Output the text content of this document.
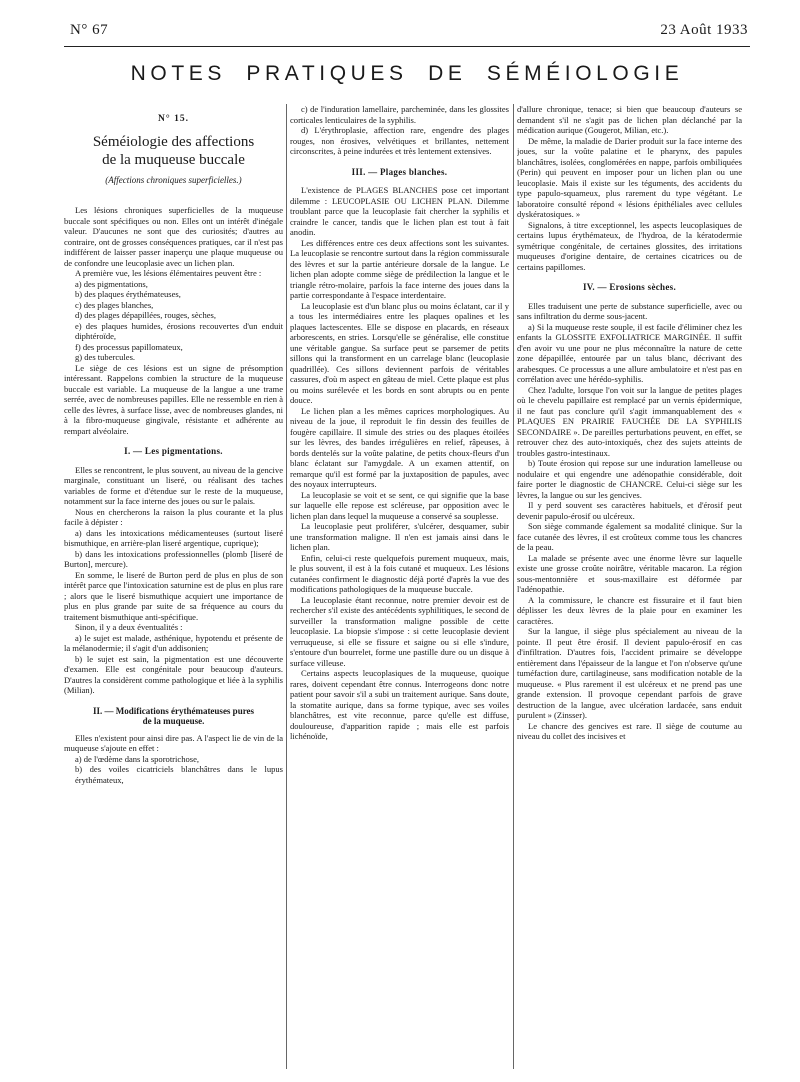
N° 67	23 Août 1933
NOTES PRATIQUES DE SÉMÉIOLOGIE
N° 15.
Séméiologie des affections
de la muqueuse buccale
(Affections chroniques superficielles.)

Les lésions chroniques superficielles de la muqueuse buccale sont spécifiques ou non. Elles ont un intérêt d'inégale valeur. D'aucunes ne sont que des curiosités; d'autres au contraire, ont de grosses conséquences pratiques, car il n'est pas indifférent de laisser passer inaperçu une plaque muqueuse ou de confondre une leucoplasie avec un lichen plan.

A première vue, les lésions élémentaires peuvent être :

a) des pigmentations,

b) des plaques érythémateuses,

c) des plages blanches,

d) des plages dépapillées, rouges, sèches,

e) des plaques humides, érosions recouvertes d'un enduit diphtéroïde,

f) des processus papillomateux,

g) des tubercules.

Le siège de ces lésions est un signe de présomption intéressant. Rappelons combien la structure de la muqueuse buccale est variable. La muqueuse de la langue a une trame serrée, avec de nombreuses papilles. Elle ne ressemble en rien à celle des lèvres, à surface lisse, avec de nombreuses glandes, ni à la fibro-muqueuse gingivale, résistante et adhérente au rempart alvéolaire.

I. — Les pigmentations.

Elles se rencontrent, le plus souvent, au niveau de la gencive marginale, constituant un liseré, ou réalisant des taches variables de forme et d'étendue sur le reste de la muqueuse, notamment sur la face interne des joues ou sur le palais.

Nous en chercherons la raison la plus courante et la plus facile à dépister :

a) dans les intoxications médicamenteuses (surtout liseré bismuthique, en arrière-plan liseré argentique, cuprique);

b) dans les intoxications professionnelles (plomb [liseré de Burton], mercure).

En somme, le liseré de Burton perd de plus en plus de son intérêt parce que l'intoxication saturnine est de plus en plus rare ; alors que le liseré bismuthique acquiert une importance de plus en plus grande par suite de sa fréquence au cours du traitement bismuthique anti-spécifique.

Sinon, il y a deux éventualités :

a) le sujet est malade, asthénique, hypotendu et présente de la mélanodermie; il s'agit d'un addisonien;

b) le sujet est sain, la pigmentation est une découverte d'examen. Elle est congénitale pour beaucoup d'auteurs. D'autres la considèrent comme pathologique et liée à la syphilis (Milian).

II. — Modifications érythémateuses pures
de la muqueuse.

Elles n'existent pour ainsi dire pas. A l'aspect lie de vin de la muqueuse s'ajoute en effet :

a) de l'œdème dans la sporotrichose,

b) des voiles cicatriciels blanchâtres dans le lupus érythémateux,

c) de l'induration lamellaire, parcheminée, dans les glossites corticales lenticulaires de la syphilis.

d) L'érythroplasie, affection rare, engendre des plages rouges, non érosives, velvétiques et brillantes, nettement circonscrites, à peine indurées et très lentement extensives.

III. — Plages blanches.

L'existence de PLAGES BLANCHES pose cet important dilemme : LEUCOPLASIE OU LICHEN PLAN. Dilemme troublant parce que la leucoplasie fait chercher la syphilis et craindre le cancer, tandis que le lichen plan est tout à fait anodin.

Les différences entre ces deux affections sont les suivantes. La leucoplasie se rencontre surtout dans la région commissurale des lèvres et sur la partie antérieure dorsale de la langue. Le lichen plan adopte comme siège de prédilection la langue et le triangle rétro-molaire, parfois la face interne des joues dans la partie correspondante à l'espace interdentaire.

La leucoplasie est d'un blanc plus ou moins éclatant, car il y a tous les intermédiaires entre les plaques opalines et les plaques lactescentes. Elle se dispose en placards, en réseaux arborescents, en stries. Lorsqu'elle se généralise, elle constitue une véritable gangue. Sa surface peut se parsemer de petits sillons qui la transforment en un carrelage blanc (leucoplasie quadrillée). Ces sillons deviennent parfois de véritables cassures, d'où m aspect en gâteau de miel. Cette plaque est plus ou moins surélevée et les bords en sont abrupts ou en pente douce.

Le lichen plan a les mêmes caprices morphologiques. Au niveau de la joue, il reproduit le fin dessin des feuilles de fougère capillaire. Il simule des stries ou des plaques étoilées sur les lèvres, des bandes irrégulières en relief, râpeuses, à bords dentelés sur la voûte palatine, de petits choux-fleurs d'un blanc éclatant sur l'amygdale. A un examen attentif, on remarque qu'il est formé par la juxtaposition de papules, avec des noyaux interrupteurs.

La leucoplasie se voit et se sent, ce qui signifie que la base sur laquelle elle repose est scléreuse, par opposition avec le lichen plan dans lequel la muqueuse a conservé sa souplesse.

La leucoplasie peut proliférer, s'ulcérer, desquamer, subir une transformation maligne. Il n'en est jamais ainsi dans le lichen plan.

Enfin, celui-ci reste quelquefois purement muqueux, mais, le plus souvent, il est à la fois cutané et muqueux. Les lésions cutanées confirment le diagnostic déjà porté d'après la vue des modifications pathologiques de la muqueuse buccale.

La leucoplasie étant reconnue, notre premier devoir est de rechercher s'il existe des antécédents syphilitiques, le second de surveiller la transformation maligne possible de cette leucoplasie. La biopsie s'impose : si cette leucoplasie devient verruqueuse, si elle se fissure et saigne ou si elle s'indure, s'entoure d'un bourrelet, forme une pastille dure ou un disque à surface villeuse.

Certains aspects leucoplasiques de la muqueuse, quoique rares, doivent cependant être connus. Interrogeons donc notre patient pour savoir s'il a subi un traitement aurique. Sans doute, la stomatite aurique, dans sa forme typique, avec ses voiles blanchâtres, est vite reconnue, parce qu'elle est diffuse, douloureuse, d'apparition rapide ; mais elle est parfois lichénoïde,

d'allure chronique, tenace; si bien que beaucoup d'auteurs se demandent s'il ne s'agit pas de lichen plan déclanché par la médication aurique (Gougerot, Milian, etc.).

De même, la maladie de Darier produit sur la face interne des joues, sur la voûte palatine et le pharynx, des papules blanchâtres, isolées, conglomérées en nappe, parfois ombiliquées (Perin) qui peuvent en imposer pour un lichen plan ou une leucoplasie. Mais il existe sur les téguments, des accidents du type papulo-squameux, plus rarement du type végétant. Le laboratoire consulté répond « lésions épithéliales avec cellules dyskératosiques. »

Signalons, à titre exceptionnel, les aspects leucoplasiques de certains lupus érythémateux, de l'hydroa, de la kératodermie symétrique congénitale, de certaines glossites, des irritations muqueuses d'origine dentaire, de certaines cicatrices ou de certains papillomes.

IV. — Erosions sèches.

Elles traduisent une perte de substance superficielle, avec ou sans infiltration du derme sous-jacent.

a) Si la muqueuse reste souple, il est facile d'éliminer chez les enfants la GLOSSITE EXFOLIATRICE MARGINÉE. Il suffit d'en avoir vu une pour ne plus méconnaître la nature de cette zone dépapillée, entourée par un talus blanc, décrivant des arabesques. Ce processus a une allure ambulatoire et n'est pas en corrélation avec une hérédo-syphilis.

Chez l'adulte, lorsque l'on voit sur la langue de petites plages où le chevelu papillaire est remplacé par un vernis épidermique, il ne faut pas conclure qu'il s'agit immanquablement des « PLAQUES EN PRAIRIE FAUCHÉE DE LA SYPHILIS SECONDAIRE ». De pareilles perturbations peuvent, en effet, se retrouver chez des auto-intoxiqués, chez des sujets atteints de troubles gastro-intestinaux.

b) Toute érosion qui repose sur une induration lamelleuse ou nodulaire et qui engendre une adénopathie considérable, doit faire porter le diagnostic de CHANCRE. Celui-ci siège sur les lèvres, la langue ou sur les gencives.

Il y perd souvent ses caractères habituels, et d'érosif peut devenir papulo-érosif ou ulcéreux.

Son siège commande également sa modalité clinique. Sur la face cutanée des lèvres, il est croûteux comme tous les chancres de la peau.

La malade se présente avec une énorme lèvre sur laquelle existe une grosse croûte noirâtre, véritable macaron. La région sous-mentonnière et sous-maxillaire est déformée par l'adénopathie.

A la commissure, le chancre est fissuraire et il faut bien déplisser les deux lèvres de la plaie pour en examiner les caractères.

Sur la langue, il siège plus spécialement au niveau de la pointe. Il peut être érosif. Il devient papulo-érosif en cas d'infiltration. D'autres fois, l'accident primaire se développe entièrement dans l'épaisseur de la langue et l'on n'observe qu'une tuméfaction dure, cartilagineuse, sans modification notable de la muqueuse. « Plus rarement il est ulcéreux et ne prend pas une grande extension. Il provoque cependant parfois de grave destruction de la langue, avec ulcération lardacée, sans enduit purulent » (Zinsser).

Le chancre des gencives est rare. Il siège de coutume au niveau du collet des incisives et
